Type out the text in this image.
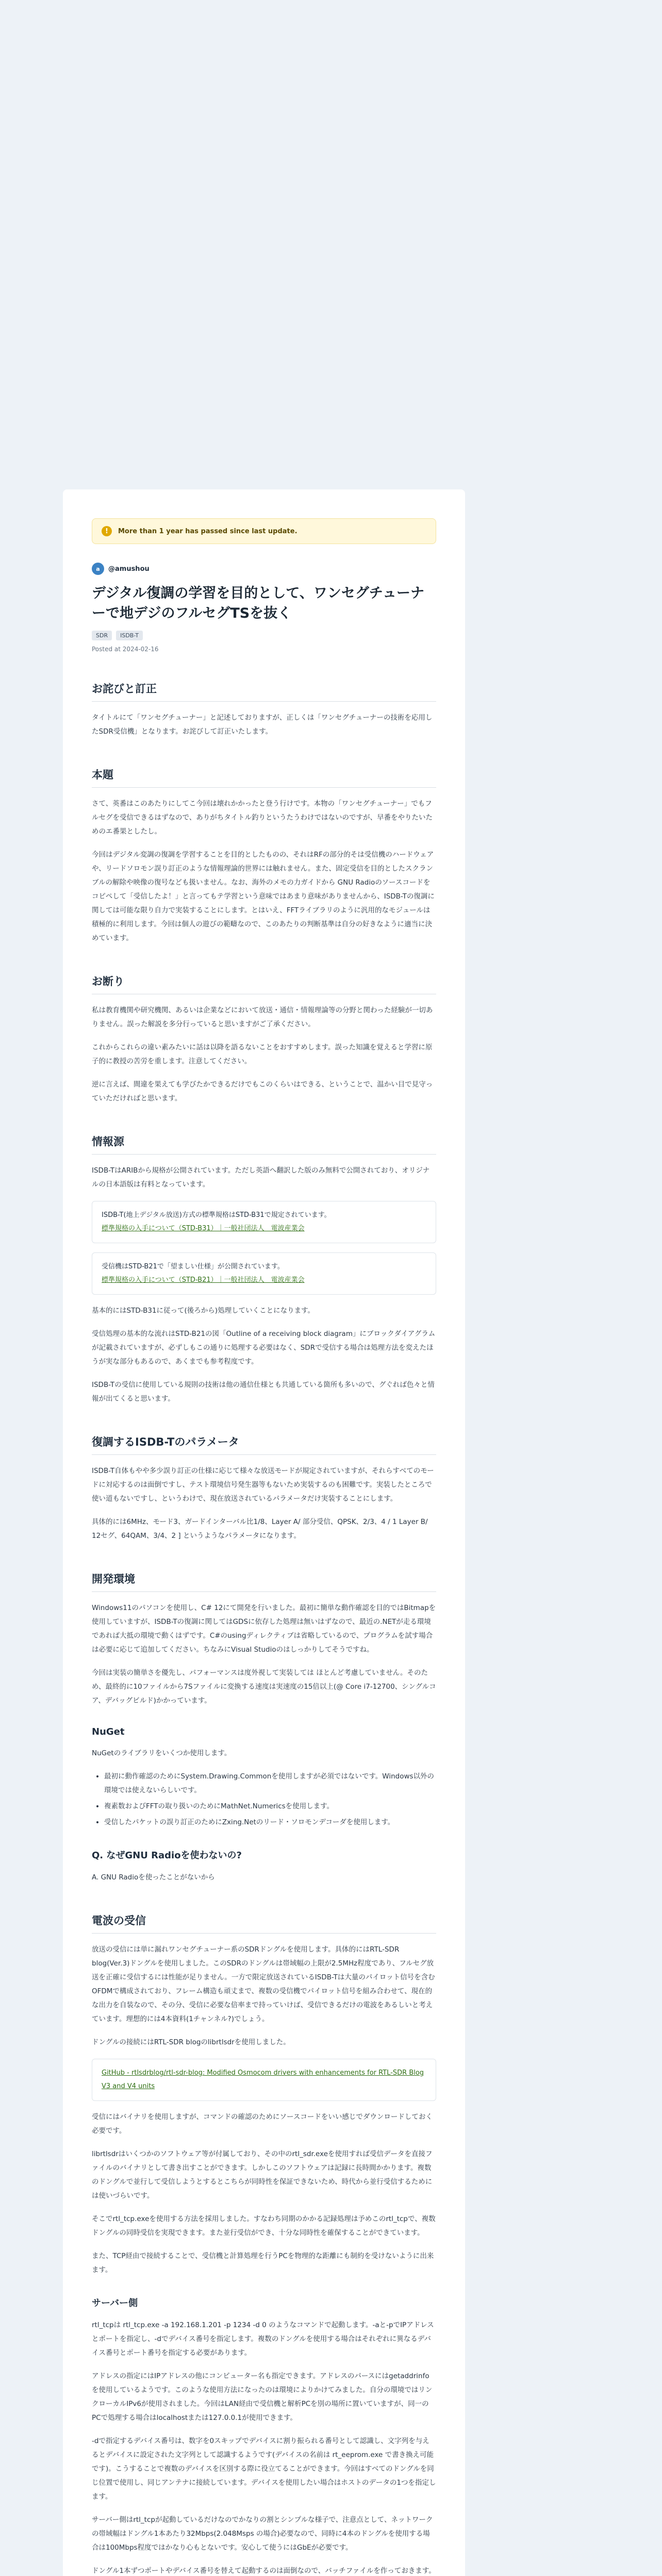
!	More than 1 year has passed since last update.
a	@amushou
デジタル復調の学習を目的として、ワンセグチューナーで地デジのフルセグTSを抜く
SDR	ISDB-T
Posted at 2024-02-16
お詫びと訂正

タイトルにて「ワンセグチューナー」と記述しておりますが、正しくは「ワンセグチューナーの技術を応用したSDR受信機」となります。お詫びして訂正いたします。

本題

さて、英番はこのあたりにしてこ今回は壊れかかったと登う行けです。本物の「ワンセグチューナー」でもフルセグを受信できるはずなので、ありがちタイトル釣りというたうわけではないのですが、早番をやりたいためのエ番果としたし。

今回はデジタル変調の復調を学習することを目的としたものの、それはRFの部分的そは受信機のハードウェアや、リードソロモン誤り訂正のような情報理論的世界には触れません。また、固定受信を目的としたスクランブルの解除や映像の復号なども扱いません。なお、海外のメモの力ガイドから GNU Radioのソースコードをコピペして「受信したよ！」と言ってもテ学習という意味ではあまり意味がありませんから、ISDB-Tの復調に関しては可能な限り自力で実装することにします。とはいえ、FFTライブラリのように汎用的なモジュールは積極的に利用します。今回は個人の遊びの範疇なので、このあたりの判断基準は自分の好きなように適当に決めています。

お断り

私は教育機関や研究機関、あるいは企業などにおいて放送・通信・情報理論等の分野と関わった経験が一切ありません。誤った解説を多分行っていると思いますがご了承ください。

これからこれらの違い素みたいに話は以降を語るないことをおすすめします。誤った知識を覚えると学習に原子的に教授の苦労を重します。注意してください。

逆に言えば、間違を果えても学びたかできるだけでもこのくらいはできる、ということで、温かい目で見守っていただければと思います。

情報源

ISDB-TはARIBから規格が公開されています。ただし英語へ翻訳した版のみ無料で公開されており、オリジナルの日本語版は有料となっています。

ISDB-T(地上デジタル放送)方式の標準規格はSTD-B31で規定されています。
標準規格の入手について（STD-B31）｜一般社団法人　電波産業会
受信機はSTD-B21で「望ましい仕様」が公開されています。
標準規格の入手について（STD-B21）｜一般社団法人　電波産業会

基本的にはSTD-B31に従って(後ろから)処理していくことになります。

受信処理の基本的な流れはSTD-B21の図「Outline of a receiving block diagram」にブロックダイアグラムが記載されていますが、必ずしもこの通りに処理する必要はなく、SDRで受信する場合は処理方法を変えたほうが実な部分もあるので、あくまでも参考程度です。

ISDB-Tの受信に使用している規則の技術は他の通信仕様とも共通している箇所も多いので、グぐれば色々と情報が出てくると思います。

復調するISDB-Tのパラメータ

ISDB-T自体もやや多少誤り訂正の仕様に応じて様々な放送モードが規定されていますが、それらすべてのモードに対応するのは面倒ですし、テスト環境信号発生器等もないため実装するのも困難です。実装したところで使い道もないですし、というわけで、現在放送されているパラメータだけ実装することにします。

具体的には6MHz、モード3、ガードインターバル比1/8、Layer A/ 部分受信、QPSK、2/3、4 / 1 Layer B/ 12セグ、64QAM、3/4、2 ] というようなパラメータになります。

開発環境

Windows11のパソコンを使用し、C# 12にて開発を行いました。最初に簡単な動作確認を目的ではBitmapを使用していますが、ISDB-Tの復調に関してはGDSに依存した処理は無いはずなので、最近の.NETが走る環境であれば大抵の環境で動くはずです。C#のusingディレクティブは省略しているので、プログラムを試す場合は必要に応じて追加してください。ちなみにVisual Studioのはしっかりしてそうですね。

今回は実装の簡単さを優先し、パフォーマンスは度外視して実装しては ほとんど考慮していません。そのため、最終的に10ファイルから7Sファイルに変換する速度は実速度の15倍以上(@ Core i7-12700、シングルコア、デバッグビルド)かかっています。

NuGet

NuGetのライブラリをいくつか使用します。

• 最初に動作確認のためにSystem.Drawing.Commonを使用しますが必須ではないです。Windows以外の環境では使えないらしいです。
• 複素数およびFFTの取り扱いのためにMathNet.Numericsを使用します。
• 受信したパケットの誤り訂正のためにZxing.Netのリード・ソロモンデコーダを使用します。
Q. なぜGNU Radioを使わないの?

A. GNU Radioを使ったことがないから

電波の受信

放送の受信には単に漏れワンセグチューナー系のSDRドングルを使用します。具体的にはRTL-SDR blog(Ver.3)ドングルを使用しました。このSDRのドングルは帯域幅の上限が2.5MHz程度であり、フルセグ放送を正確に受信するには性能が足りません。一方で限定放送されているISDB-Tは大量のパイロット信号を含むOFDMで構成されており、フレーム構造も頑丈まで、複数の受信機でパイロット信号を組み合わせて、現在的な出力を自装なので、その分、受信に必要な倍率まで持っていけば、受信できるだけの電波をあるしいと考えています。理想的には4本資料(1チャンネル?)でしょう。

ドングルの接続にはRTL-SDR blogのlibrtlsdrを使用しました。

GitHub - rtlsdrblog/rtl-sdr-blog: Modified Osmocom drivers with enhancements for RTL-SDR Blog V3 and V4 units

受信にはバイナリを使用しますが、コマンドの確認のためにソースコードをいい感じでダウンロードしておく必要です。

librtlsdrはいくつかのソフトウェア等が付属しており、その中のrtl_sdr.exeを使用すれば受信データを直接ファイルのバイナリとして書き出すことができます。しかしこのソフトウェアは記録に長時間かかります。複数のドングルで並行して受信しようとするとこちらが同時性を保証できないため、時代から並行受信するためには使いづらいです。

そこでrtl_tcp.exeを使用する方法を採用しました。すなわち同期のかかる記録処理は予めこのrtl_tcpで、複数ドングルの同時受信を実現できます。また並行受信ができ、十分な同時性を確保することができています。

また、TCP経由で接続することで、受信機と計算処理を行うPCを物理的な距離にも制約を受けないように出来ます。

サーバー側

rtl_tcpは rtl_tcp.exe -a 192.168.1.201 -p 1234 -d 0 のようなコマンドで起動します。-aと-pでIPアドレスとポートを指定し、-dでデバイス番号を指定します。複数のドングルを使用する場合はそれぞれに異なるデバイス番号とポート番号を指定する必要があります。

アドレスの指定にはIPアドレスの他にコンピューター名も指定できます。アドレスのパースにはgetaddrinfoを使用しているようです。このような使用方法になったのは環境によりかけてみました。自分の環境ではリンクローカルIPv6が使用されました。今回はLAN経由で受信機と解析PCを別の場所に置いていますが、同一のPCで処理する場合はlocalhostまたは127.0.0.1が使用できます。

-dで指定するデバイス番号は、数字を0スキップでデバイスに割り振られる番号として認識し、文字列を与えるとデバイスに設定された文字列として認識するようです(デバイスの名前は rt_eeprom.exe で書き換え可能です)。こうすることで複数のデバイスを区別する際に役立てることができます。今回はすべてのドングルを同じ位置で使用し、同じアンテナに接続しています。デバイスを使用したい場合はホストのデータの1つを指定します。

サーバー側はrtl_tcpが起動しているだけなのでかなりの割とシンプルな様子で、注意点として、ネットワークの帯域幅はドングル1本あたり32Mbps(2.048Msps の場合)必要なので、同時に4本のドングルを使用する場合は100Mbps程度ではかなり心もとないです。安心して使うにはGbEが必要です。

ドングル1本ずつポートやデバイス番号を替えて起動するのは面倒なので、バッチファイルを作っておきます。
